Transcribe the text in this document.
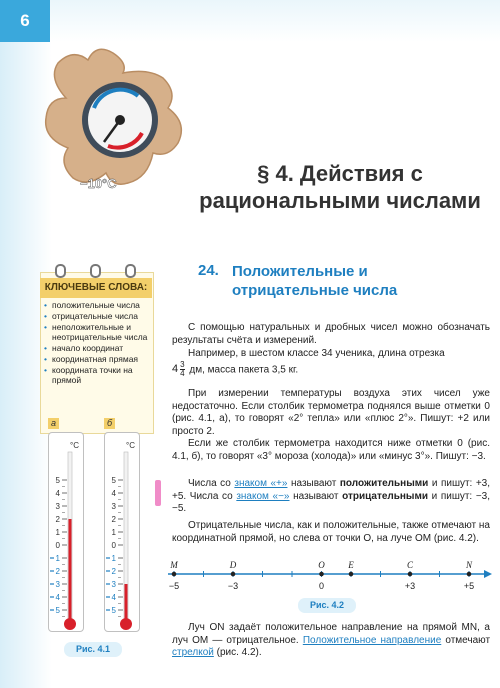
6
−10°C	§ 4. Действия с рациональными числами
КЛЮЧЕВЫЕ СЛОВА:
• положительные числа
• отрицательные числа
• неположительные и неотрицательные числа
• начало координат
• координатная прямая
• координата точки на прямой
24. Положительные и отрицательные числа
С помощью натуральных и дробных чисел можно обозначать результаты счёта и измерений.
Например, в шестом классе 34 ученика, длина отрезка

$4 \frac{3}{4}$ дм, масса пакета 3,5 кг.
При измерении температуры воздуха этих чисел уже недостаточно. Если столбик термометра поднялся выше отметки 0 (рис. 4.1, а), то говорят «2° тепла» или «плюс 2°». Пишут: +2 или просто 2.
Если же столбик термометра находится ниже отметки 0 (рис. 4.1, б), то говорят «3° мороза (холода)» или «минус 3°». Пишут: −3.
Числа со знаком «+» называют положительными и пишут: +3, +5. Числа со знаком «−» называют отрицательными и пишут: −3, −5.
Отрицательные числа, как и положительные, также отмечают на координатной прямой, но слева от точки O, на луче OM (рис. 4.2).
M
−5
D
−3
O
0
E	C
+3
N
+5
Рис. 4.2
Луч ON задаёт положительное направление на прямой MN, а луч OM — отрицательное. Положительное направление отмечают стрелкой (рис. 4.2).
а	б
°C
5
4
3
2
1
0
1
2
3
4
5
°C
5
4
3
2
1
0
1
2
3
4
5
Рис. 4.1
